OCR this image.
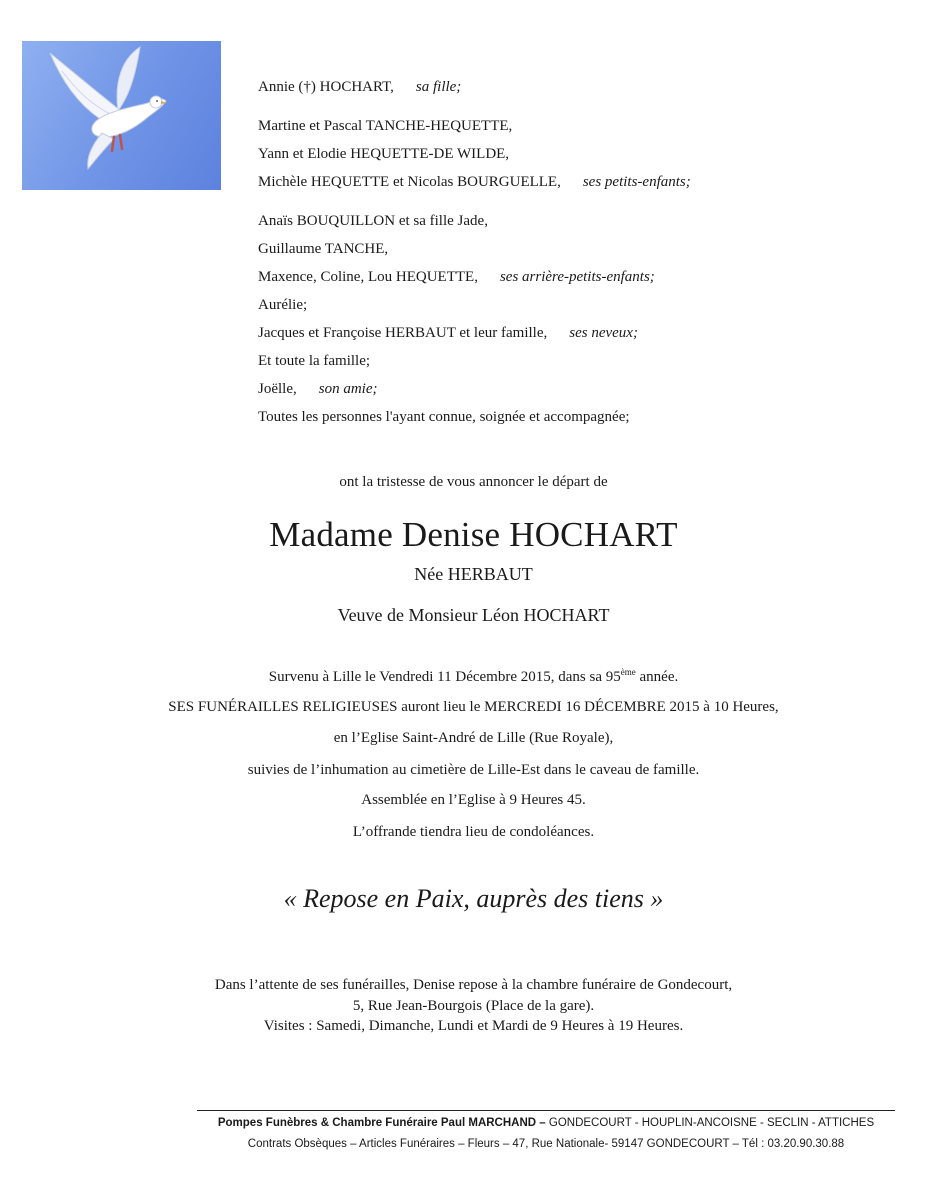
Annie (†) HOCHART, sa fille;
Martine et Pascal TANCHE-HEQUETTE,
Yann et Elodie HEQUETTE-DE WILDE,
Michèle HEQUETTE et Nicolas BOURGUELLE, ses petits-enfants;
Anaïs BOUQUILLON et sa fille Jade,
Guillaume TANCHE,
Maxence, Coline, Lou HEQUETTE, ses arrière-petits-enfants;
Aurélie;
Jacques et Françoise HERBAUT et leur famille, ses neveux;
Et toute la famille;
Joëlle, son amie;
Toutes les personnes l'ayant connue, soignée et accompagnée;
ont la tristesse de vous annoncer le départ de
Madame Denise HOCHART
Née HERBAUT
Veuve de Monsieur Léon HOCHART
Survenu à Lille le Vendredi 11 Décembre 2015, dans sa 95ème année.
SES FUNÉRAILLES RELIGIEUSES auront lieu le MERCREDI 16 DÉCEMBRE 2015 à 10 Heures,
en l’Eglise Saint-André de Lille (Rue Royale),
suivies de l’inhumation au cimetière de Lille-Est dans le caveau de famille.
Assemblée en l’Eglise à 9 Heures 45.
L’offrande tiendra lieu de condoléances.
« Repose en Paix, auprès des tiens »
Dans l’attente de ses funérailles, Denise repose à la chambre funéraire de Gondecourt,
5, Rue Jean-Bourgois (Place de la gare).
Visites : Samedi, Dimanche, Lundi et Mardi de 9 Heures à 19 Heures.
Pompes Funèbres & Chambre Funéraire Paul MARCHAND – GONDECOURT - HOUPLIN-ANCOISNE - SECLIN - ATTICHES
Contrats Obsèques – Articles Funéraires – Fleurs – 47, Rue Nationale- 59147 GONDECOURT – Tél : 03.20.90.30.88
